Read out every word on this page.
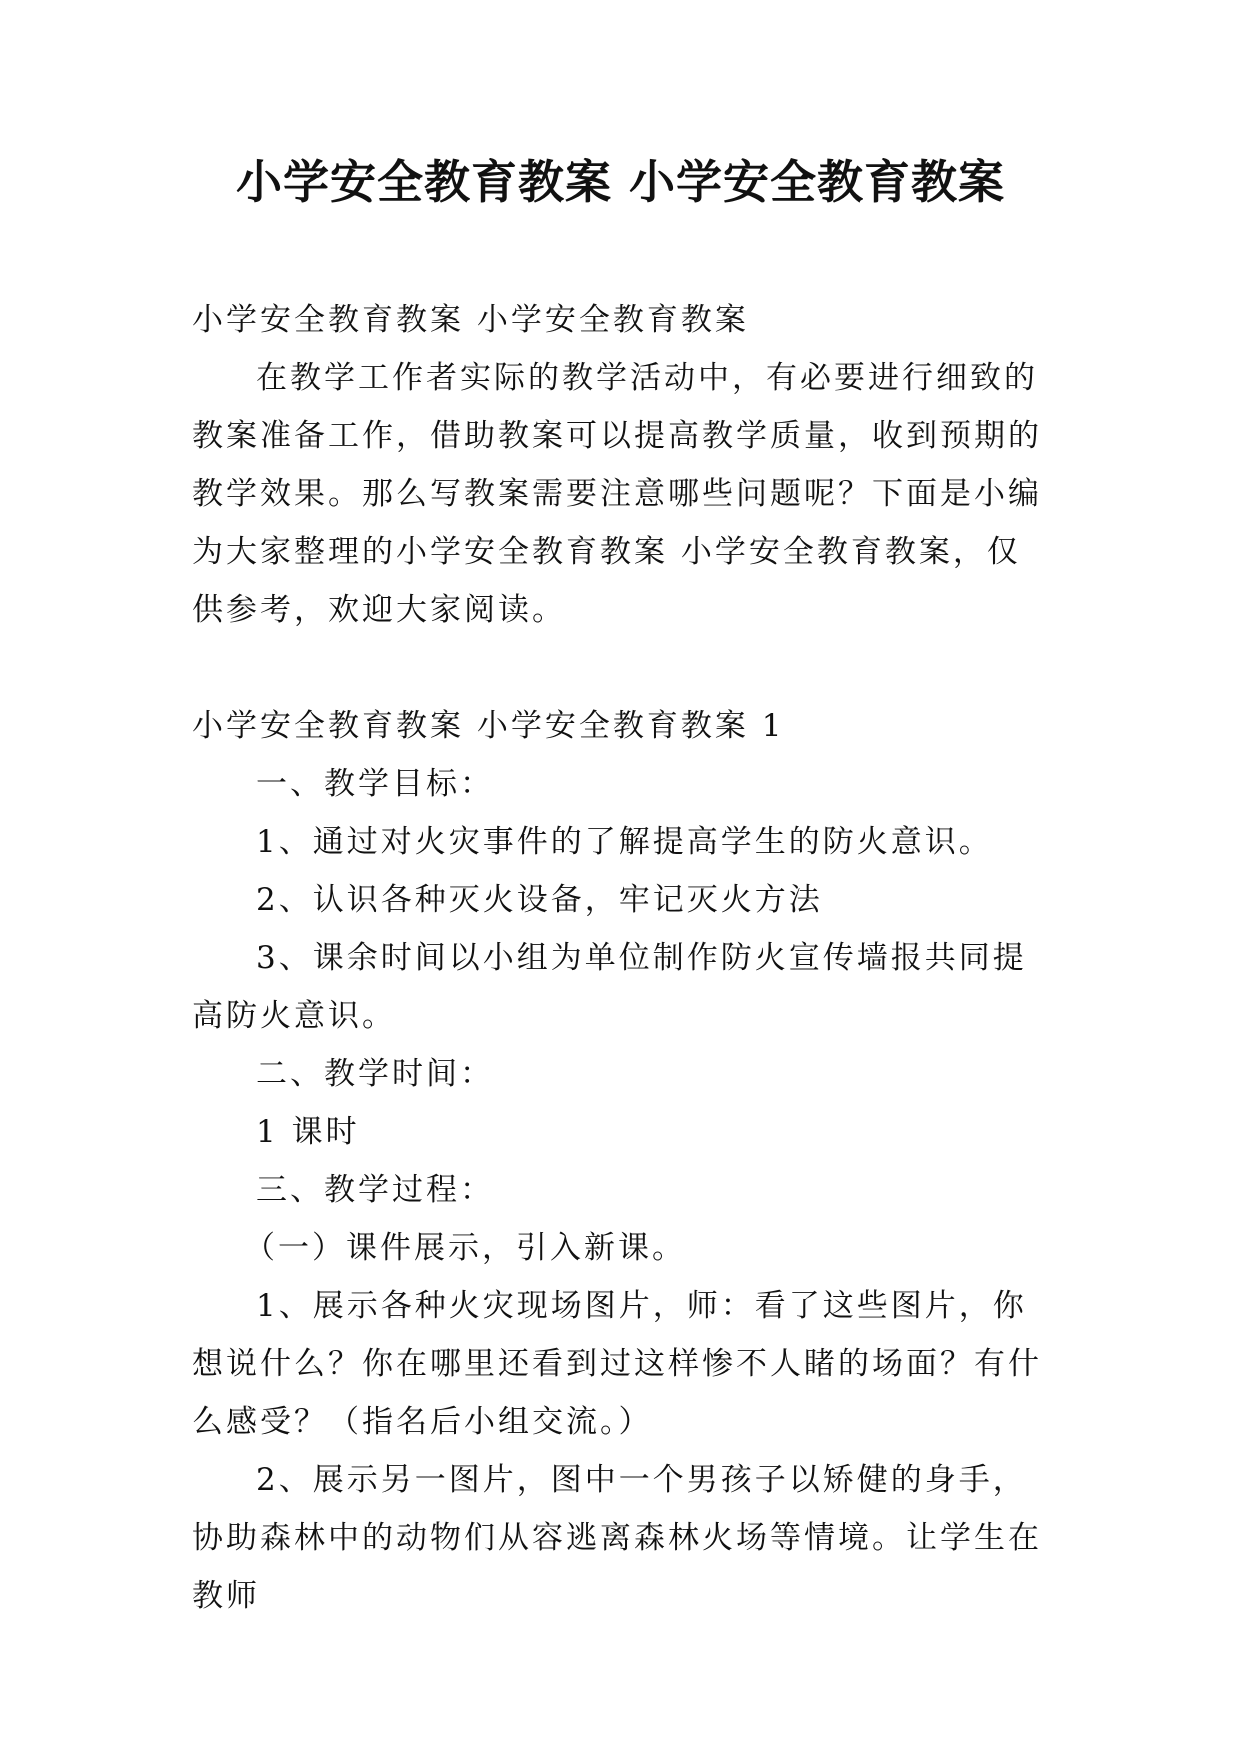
小学安全教育教案 小学安全教育教案

小学安全教育教案 小学安全教育教案

在教学工作者实际的教学活动中，有必要进行细致的教案准备工作，借助教案可以提高教学质量，收到预期的教学效果。那么写教案需要注意哪些问题呢？下面是小编为大家整理的小学安全教育教案 小学安全教育教案，仅供参考，欢迎大家阅读。

小学安全教育教案 小学安全教育教案 1

一、教学目标：

1、通过对火灾事件的了解提高学生的防火意识。

2、认识各种灭火设备，牢记灭火方法

3、课余时间以小组为单位制作防火宣传墙报共同提高防火意识。

二、教学时间：

1 课时

三、教学过程：

（一）课件展示，引入新课。

1、展示各种火灾现场图片，师：看了这些图片，你想说什么？你在哪里还看到过这样惨不人睹的场面？有什么感受？（指名后小组交流。）

2、展示另一图片，图中一个男孩子以矫健的身手，协助森林中的动物们从容逃离森林火场等情境。让学生在教师
